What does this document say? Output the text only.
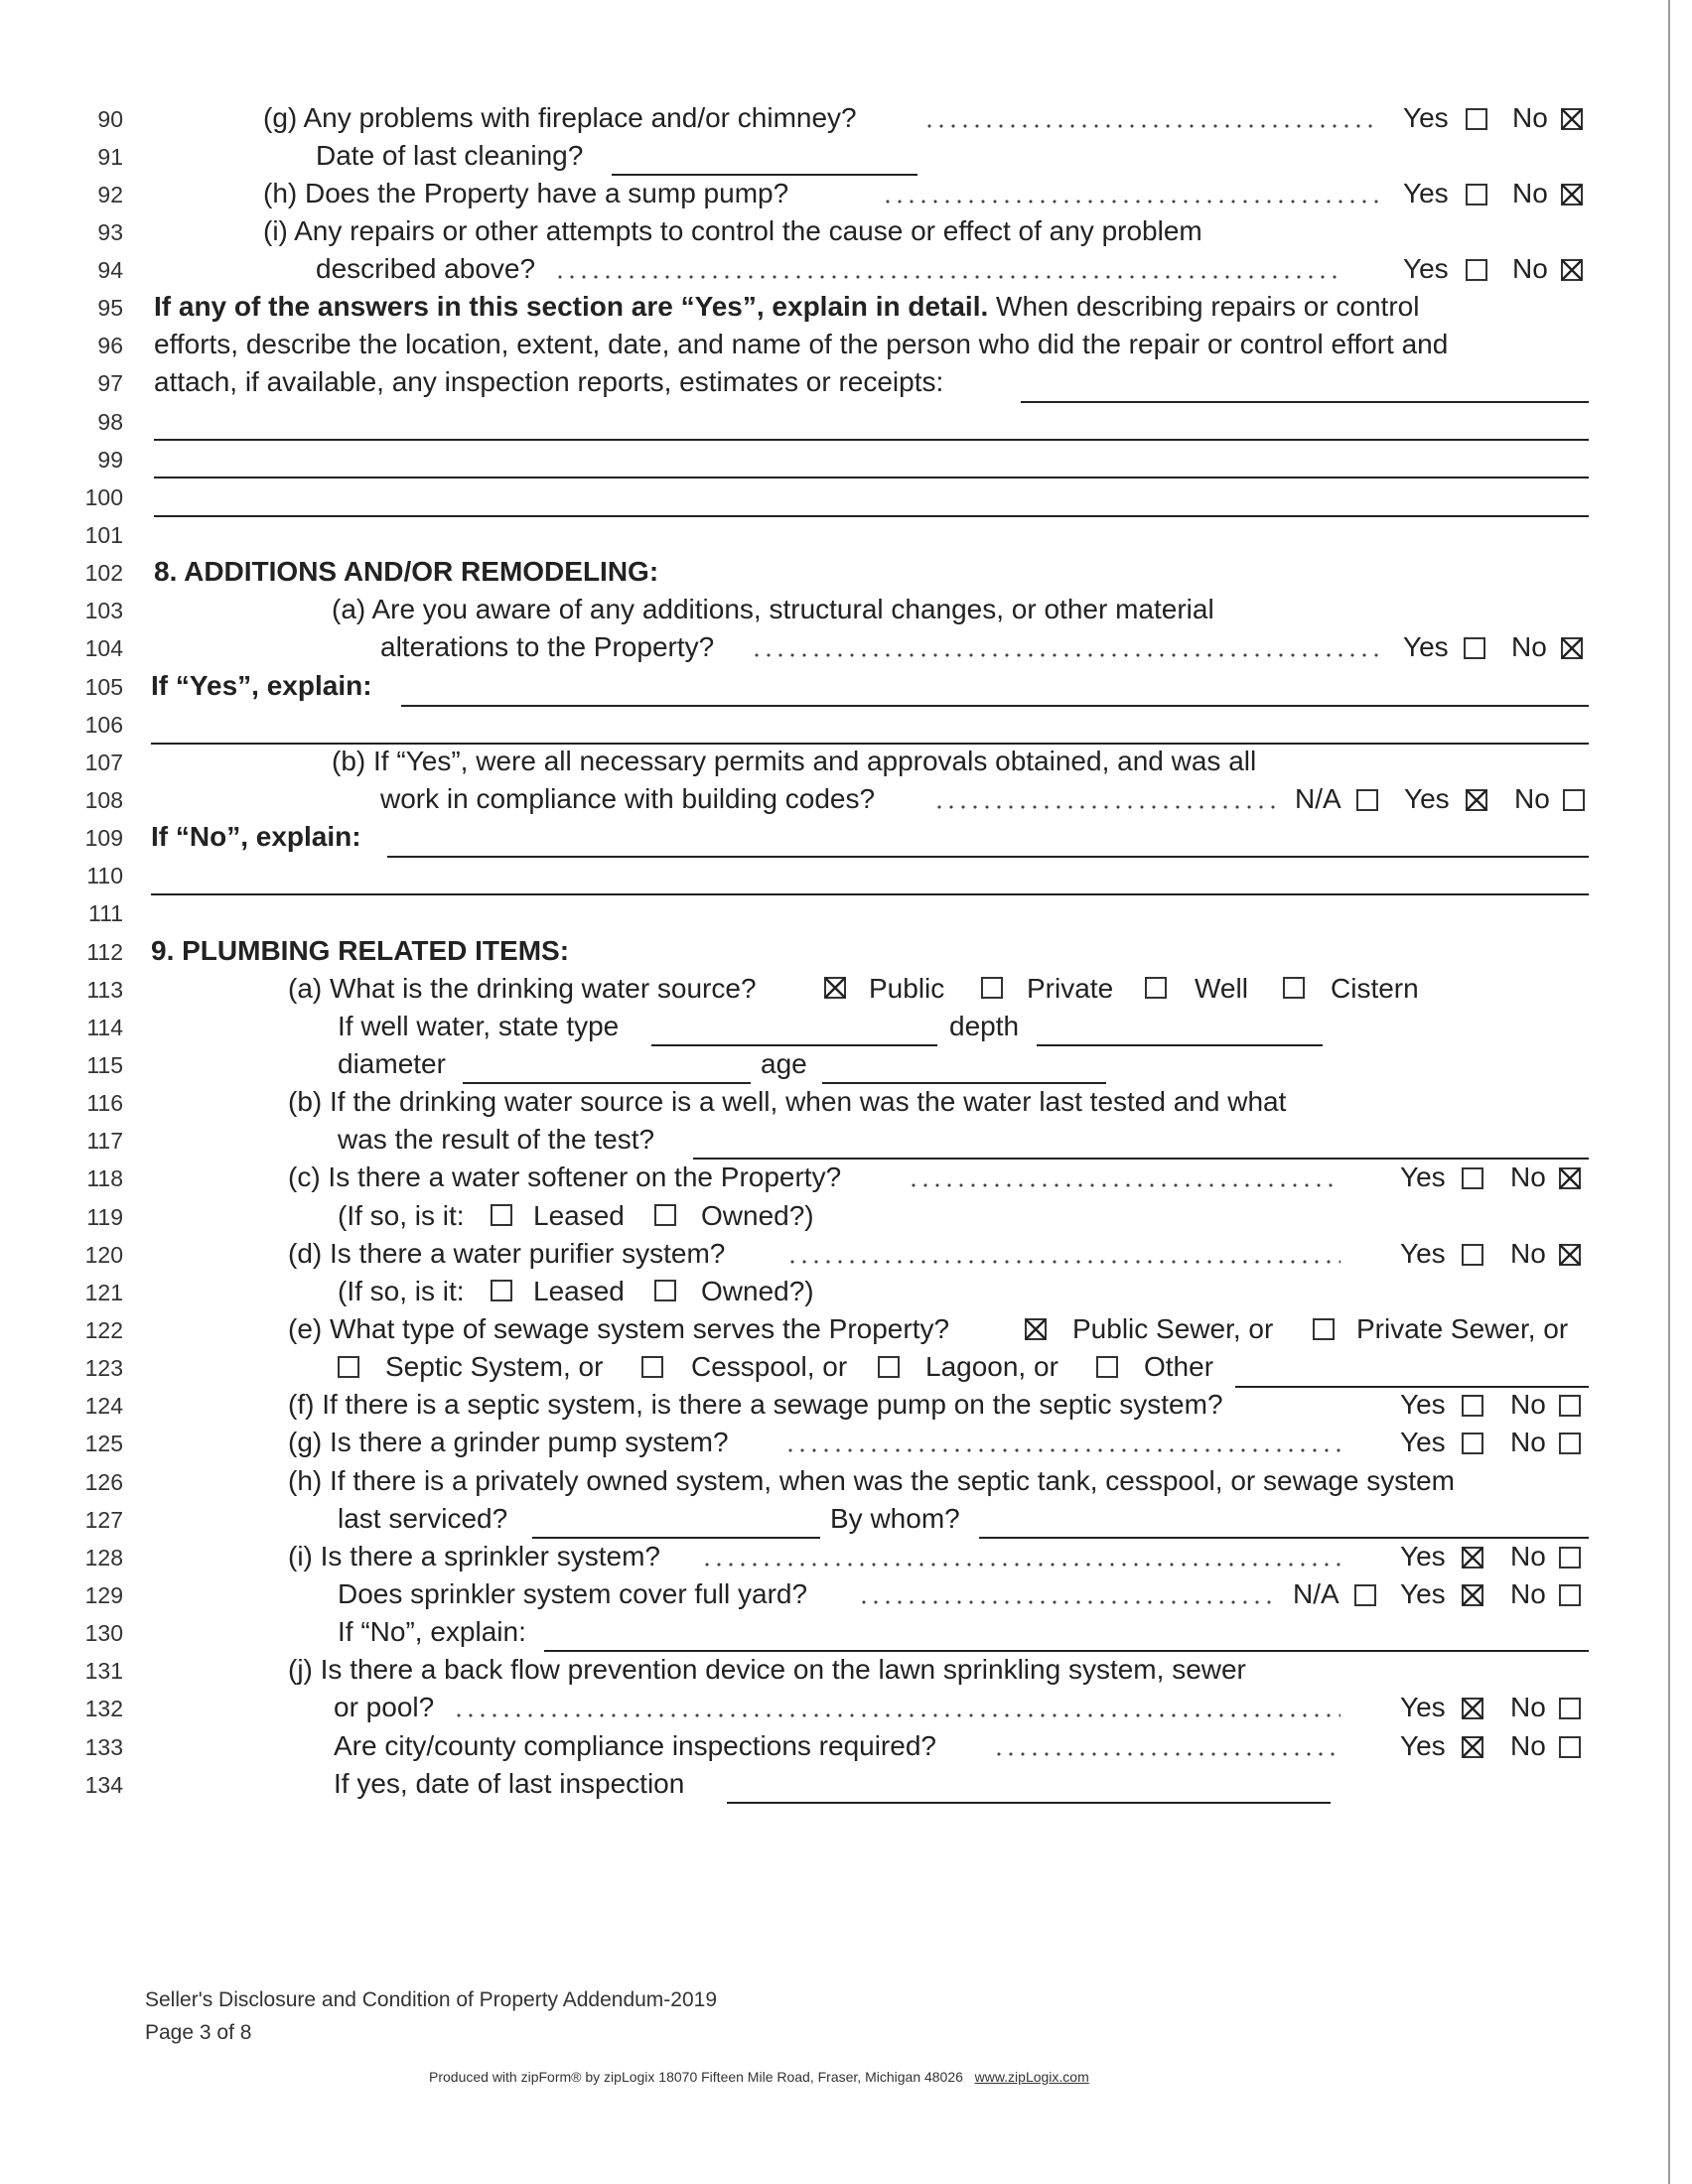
90
91
92
93
94
95
96
97
98
99
100
101
102
103
104
105
106
107
108
109
110
111
112
113
114
115
116
117
118
119
120
121
122
123
124
125
126
127
128
129
130
131
132
133
134
(g) Any problems with fireplace and/or chimney?	Yes No
Date of last cleaning?
(h) Does the Property have a sump pump?	Yes No
(i) Any repairs or other attempts to control the cause or effect of any problem
described above?	Yes No
If any of the answers in this section are “Yes”, explain in detail. When describing repairs or control
efforts, describe the location, extent, date, and name of the person who did the repair or control effort and
attach, if available, any inspection reports, estimates or receipts:
8. ADDITIONS AND/OR REMODELING:
(a) Are you aware of any additions, structural changes, or other material
alterations to the Property?	Yes No
If “Yes”, explain:
(b) If “Yes”, were all necessary permits and approvals obtained, and was all
work in compliance with building codes?	N/A Yes No
If “No”, explain:
9. PLUMBING RELATED ITEMS:
(a) What is the drinking water source?	Public	Private	Well	Cistern
If well water, state type	depth
diameter	age
(b) If the drinking water source is a well, when was the water last tested and what
was the result of the test?
(c) Is there a water softener on the Property?	Yes No
(If so, is it: Leased	Owned?)
(d) Is there a water purifier system?	Yes No
(If so, is it: Leased	Owned?)
(e) What type of sewage system serves the Property?	Public Sewer, or	Private Sewer, or
Septic System, or	Cesspool, or	Lagoon, or	Other
(f) If there is a septic system, is there a sewage pump on the septic system?	Yes No
(g) Is there a grinder pump system?	Yes No
(h) If there is a privately owned system, when was the septic tank, cesspool, or sewage system
last serviced?	By whom?
(i) Is there a sprinkler system?	Yes No
Does sprinkler system cover full yard?	N/A Yes No
If “No”, explain:
(j) Is there a back flow prevention device on the lawn sprinkling system, sewer
or pool?	Yes No
Are city/county compliance inspections required?	Yes No
If yes, date of last inspection
Seller's Disclosure and Condition of Property Addendum-2019
Page 3 of 8
Produced with zipForm® by zipLogix 18070 Fifteen Mile Road, Fraser, Michigan 48026 www.zipLogix.com
